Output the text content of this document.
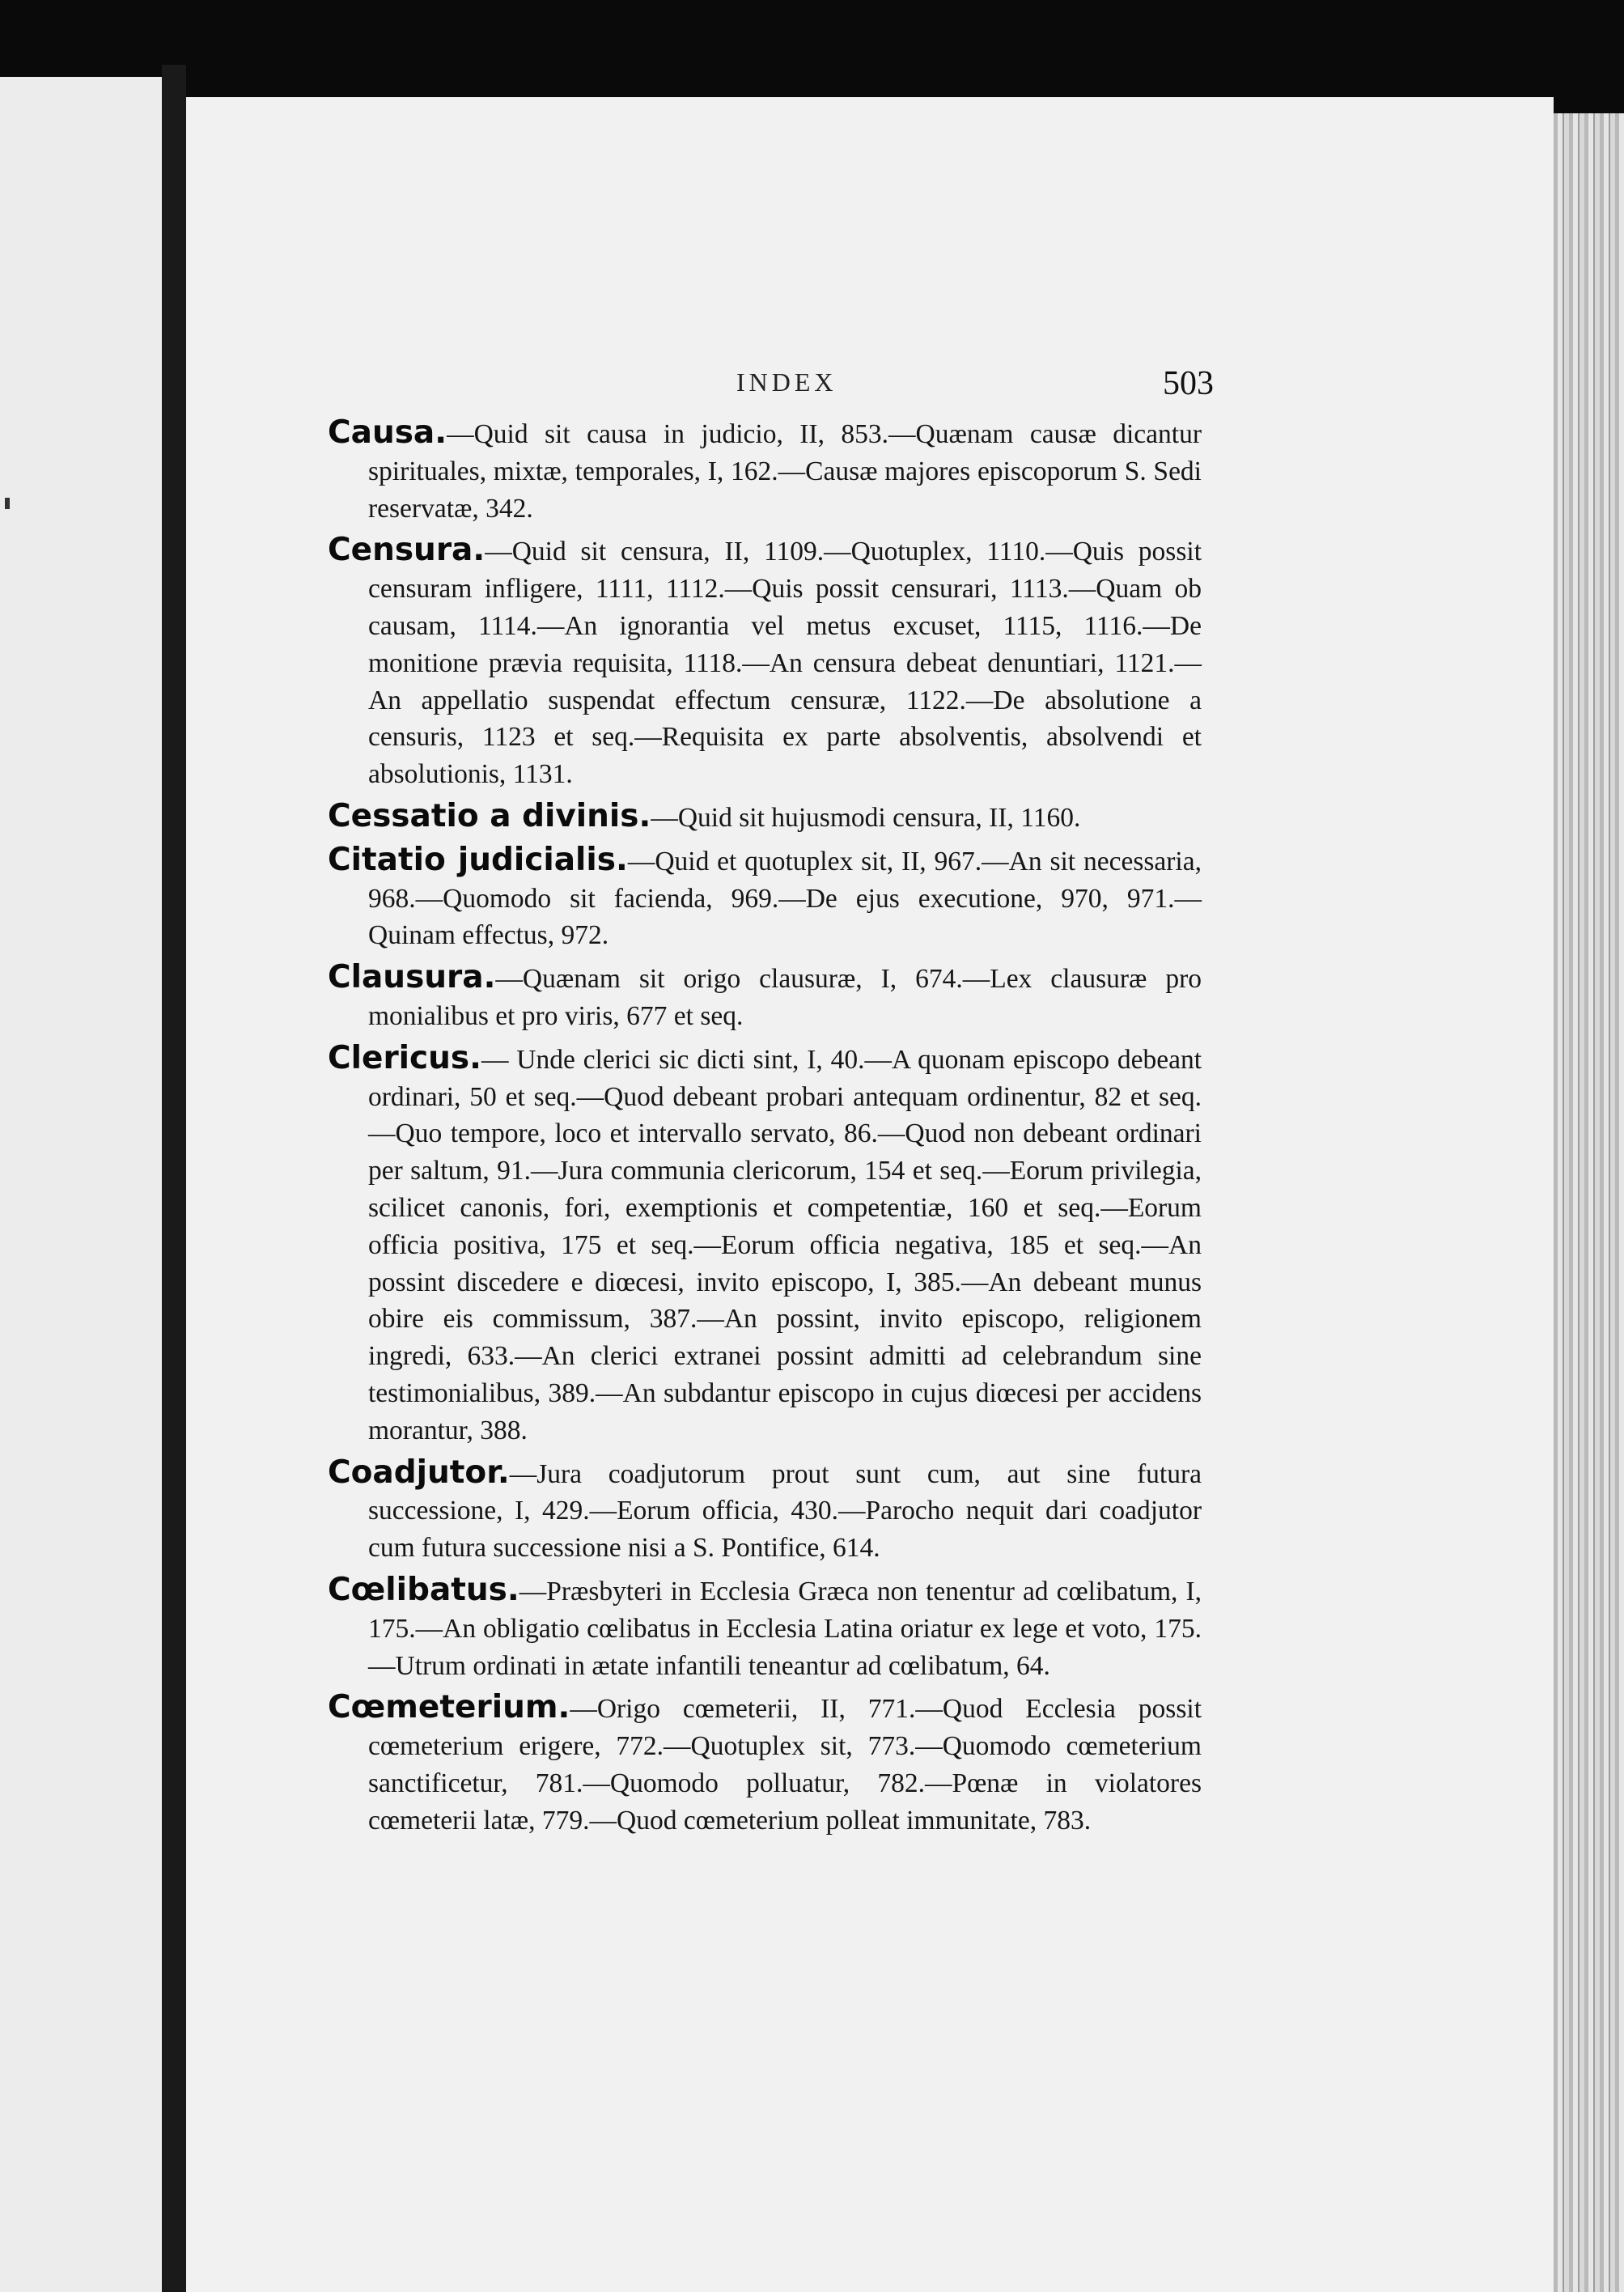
INDEX	503

Causa.—Quid sit causa in judicio, II, 853.—Quænam causæ dicantur spirituales, mixtæ, temporales, I, 162.—Causæ majores episcoporum S. Sedi reservatæ, 342.

Censura.—Quid sit censura, II, 1109.—Quotuplex, 1110.—Quis possit censuram infligere, 1111, 1112.—Quis possit censurari, 1113.—Quam ob causam, 1114.—An ignorantia vel metus excuset, 1115, 1116.—De monitione prævia requisita, 1118.—An censura debeat denuntiari, 1121.—An appellatio suspendat effectum censuræ, 1122.—De absolutione a censuris, 1123 et seq.—Requisita ex parte absolventis, absolvendi et absolutionis, 1131.

Cessatio a divinis.—Quid sit hujusmodi censura, II, 1160.

Citatio judicialis.—Quid et quotuplex sit, II, 967.—An sit necessaria, 968.—Quomodo sit facienda, 969.—De ejus executione, 970, 971.—Quinam effectus, 972.

Clausura.—Quænam sit origo clausuræ, I, 674.—Lex clausuræ pro monialibus et pro viris, 677 et seq.

Clericus.— Unde clerici sic dicti sint, I, 40.—A quonam episcopo debeant ordinari, 50 et seq.—Quod debeant probari antequam ordinentur, 82 et seq.—Quo tempore, loco et intervallo servato, 86.—Quod non debeant ordinari per saltum, 91.—Jura communia clericorum, 154 et seq.—Eorum privilegia, scilicet canonis, fori, exemptionis et competentiæ, 160 et seq.—Eorum officia positiva, 175 et seq.—Eorum officia negativa, 185 et seq.—An possint discedere e diœcesi, invito episcopo, I, 385.—An debeant munus obire eis commissum, 387.—An possint, invito episcopo, religionem ingredi, 633.—An clerici extranei possint admitti ad celebrandum sine testimonialibus, 389.—An subdantur episcopo in cujus diœcesi per accidens morantur, 388.

Coadjutor.—Jura coadjutorum prout sunt cum, aut sine futura successione, I, 429.—Eorum officia, 430.—Parocho nequit dari coadjutor cum futura successione nisi a S. Pontifice, 614.

Cœlibatus.—Præsbyteri in Ecclesia Græca non tenentur ad cœlibatum, I, 175.—An obligatio cœlibatus in Ecclesia Latina oriatur ex lege et voto, 175.—Utrum ordinati in ætate infantili teneantur ad cœlibatum, 64.

Cœmeterium.—Origo cœmeterii, II, 771.—Quod Ecclesia possit cœmeterium erigere, 772.—Quotuplex sit, 773.—Quomodo cœmeterium sanctificetur, 781.—Quomodo polluatur, 782.—Pœnæ in violatores cœmeterii latæ, 779.—Quod cœmeterium polleat immunitate, 783.
